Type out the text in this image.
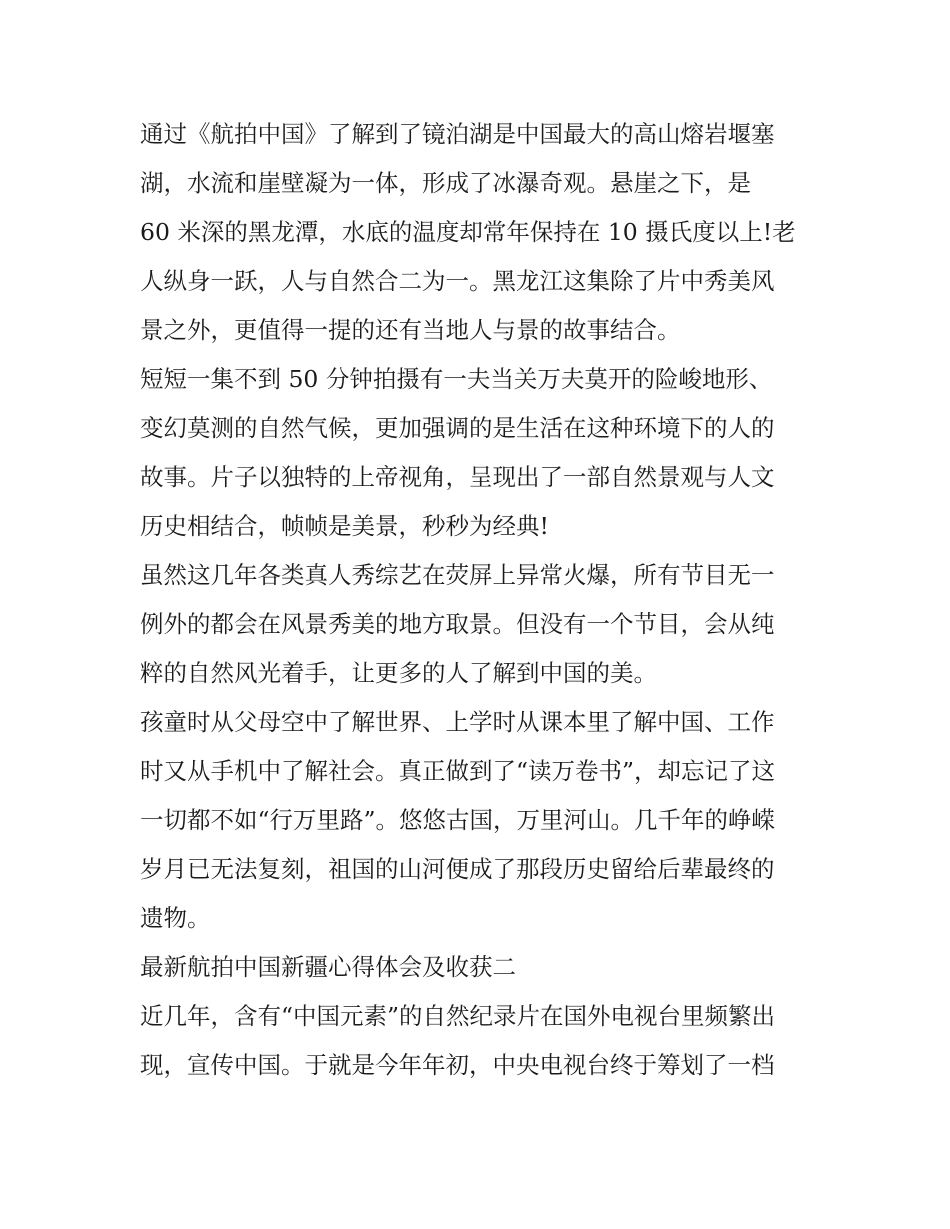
通过《航拍中国》了解到了镜泊湖是中国最大的高山熔岩堰塞
湖，水流和崖壁凝为一体，形成了冰瀑奇观。悬崖之下，是
60 米深的黑龙潭，水底的温度却常年保持在 10 摄氏度以上!老
人纵身一跃，人与自然合二为一。黑龙江这集除了片中秀美风
景之外，更值得一提的还有当地人与景的故事结合。
短短一集不到 50 分钟拍摄有一夫当关万夫莫开的险峻地形、
变幻莫测的自然气候，更加强调的是生活在这种环境下的人的
故事。片子以独特的上帝视角，呈现出了一部自然景观与人文
历史相结合，帧帧是美景，秒秒为经典!
虽然这几年各类真人秀综艺在荧屏上异常火爆，所有节目无一
例外的都会在风景秀美的地方取景。但没有一个节目，会从纯
粹的自然风光着手，让更多的人了解到中国的美。
孩童时从父母空中了解世界、上学时从课本里了解中国、工作
时又从手机中了解社会。真正做到了“读万卷书”，却忘记了这
一切都不如“行万里路”。悠悠古国，万里河山。几千年的峥嵘
岁月已无法复刻，祖国的山河便成了那段历史留给后辈最终的
遗物。
最新航拍中国新疆心得体会及收获二
近几年，含有“中国元素”的自然纪录片在国外电视台里频繁出
现，宣传中国。于就是今年年初，中央电视台终于筹划了一档
